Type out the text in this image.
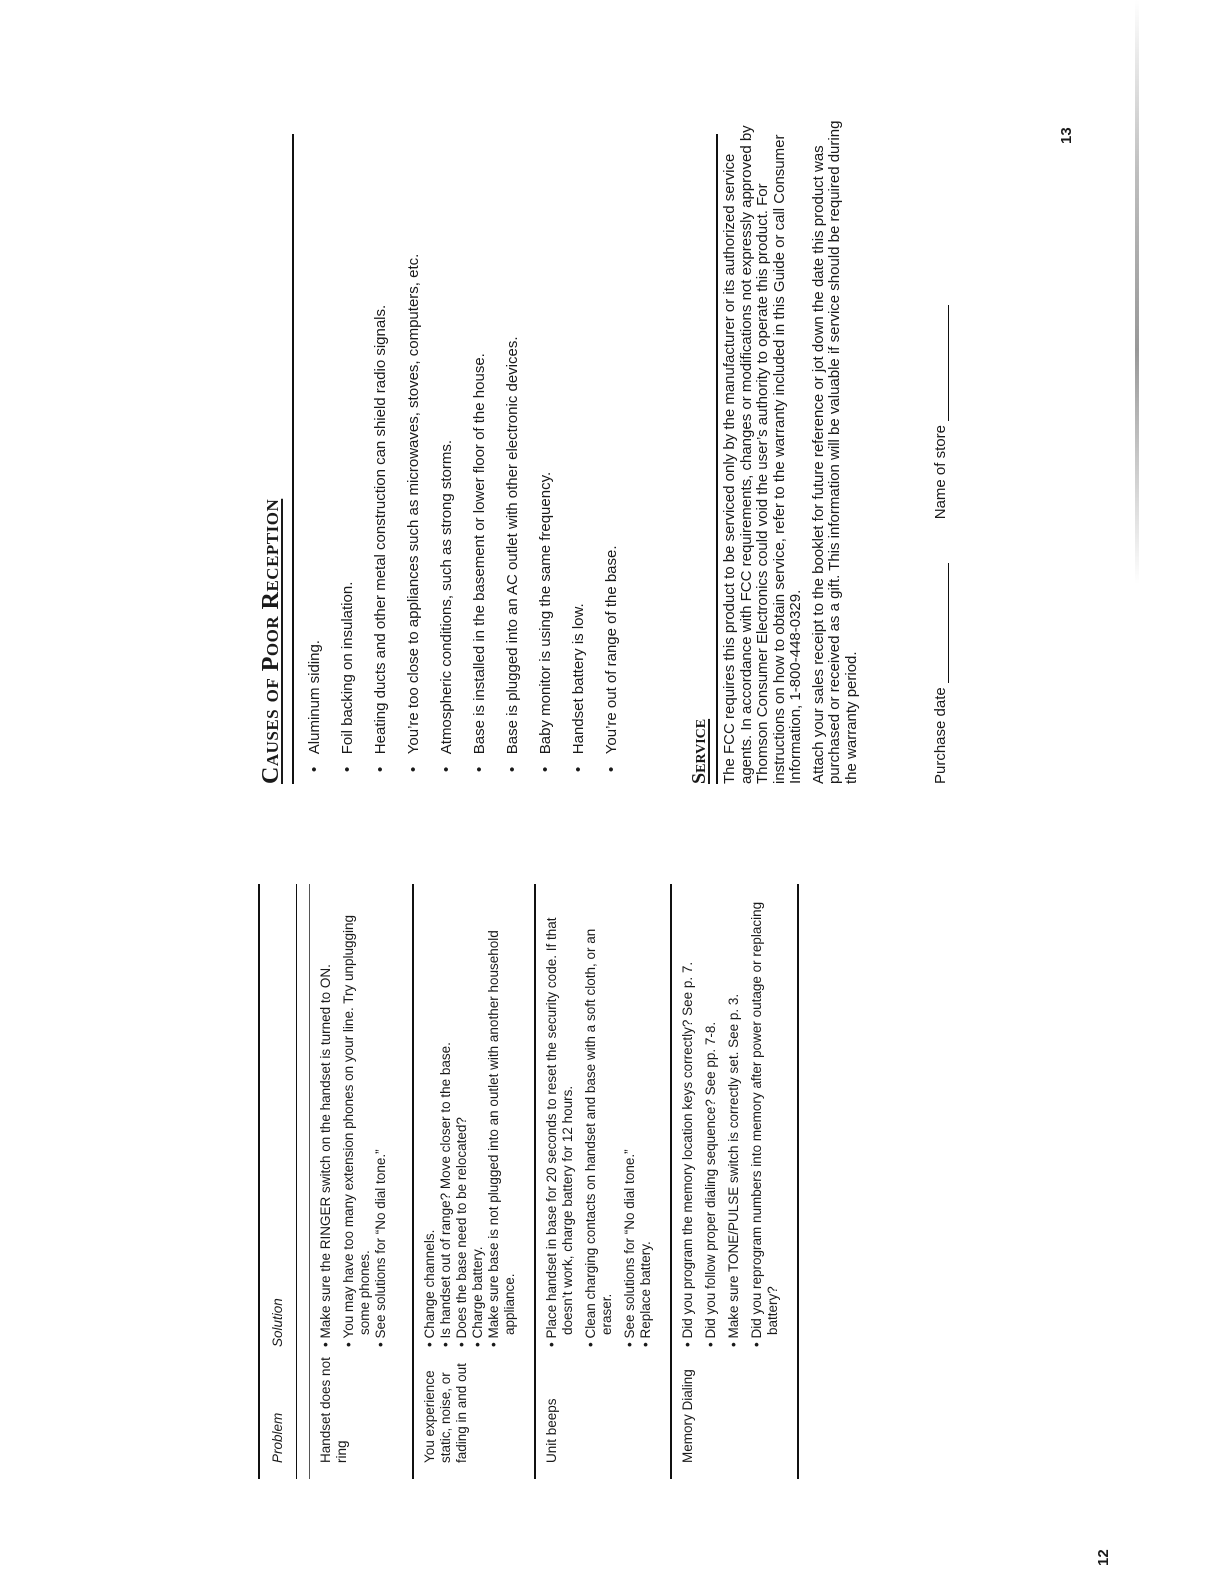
12
13
Problem
Solution
Handset does not ring

• Make sure the RINGER switch on the handset is turned to ON. • You may have too many extension phones on your line. Try unplugging some phones. • See solutions for “No dial tone.”

You experience static, noise, or fading in and out

• Change channels. • Is handset out of range? Move closer to the base. • Does the base need to be relocated? • Charge battery. • Make sure base is not plugged into an outlet with another household appliance.

Unit beeps

• Place handset in base for 20 seconds to reset the security code. If that doesn’t work, charge battery for 12 hours. • Clean charging contacts on handset and base with a soft cloth, or an eraser. • See solutions for “No dial tone.” • Replace battery.

Memory Dialing

• Did you program the memory location keys correctly? See p. 7. • Did you follow proper dialing sequence? See pp. 7-8. • Make sure TONE/PULSE switch is correctly set. See p. 3. • Did you reprogram numbers into memory after power outage or replacing battery?

Causes of Poor Reception •   Aluminum siding. •   Foil backing on insulation. •   Heating ducts and other metal construction can shield radio signals. •   You’re too close to appliances such as microwaves, stoves, computers, etc. •   Atmospheric conditions, such as strong storms. •   Base is installed in the basement or lower floor of the house. •   Base is plugged into an AC outlet with other electronic devices. •   Baby monitor is using the same frequency. •   Handset battery is low. •   You’re out of range of the base.	Service The FCC requires this product to be serviced only by the manufacturer or its authorized service agents. In accordance with FCC requirements, changes or modifications not expressly approved by Thomson Consumer Electronics could void the user’s authority to operate this product. For instructions on how to obtain service, refer to the warranty included in this Guide or call Consumer Information, 1-800-448-0329. Attach your sales receipt to the booklet for future reference or jot down the date this product was purchased or received as a gift. This information will be valuable if service should be required during the warranty period.	Purchase dateName of store
